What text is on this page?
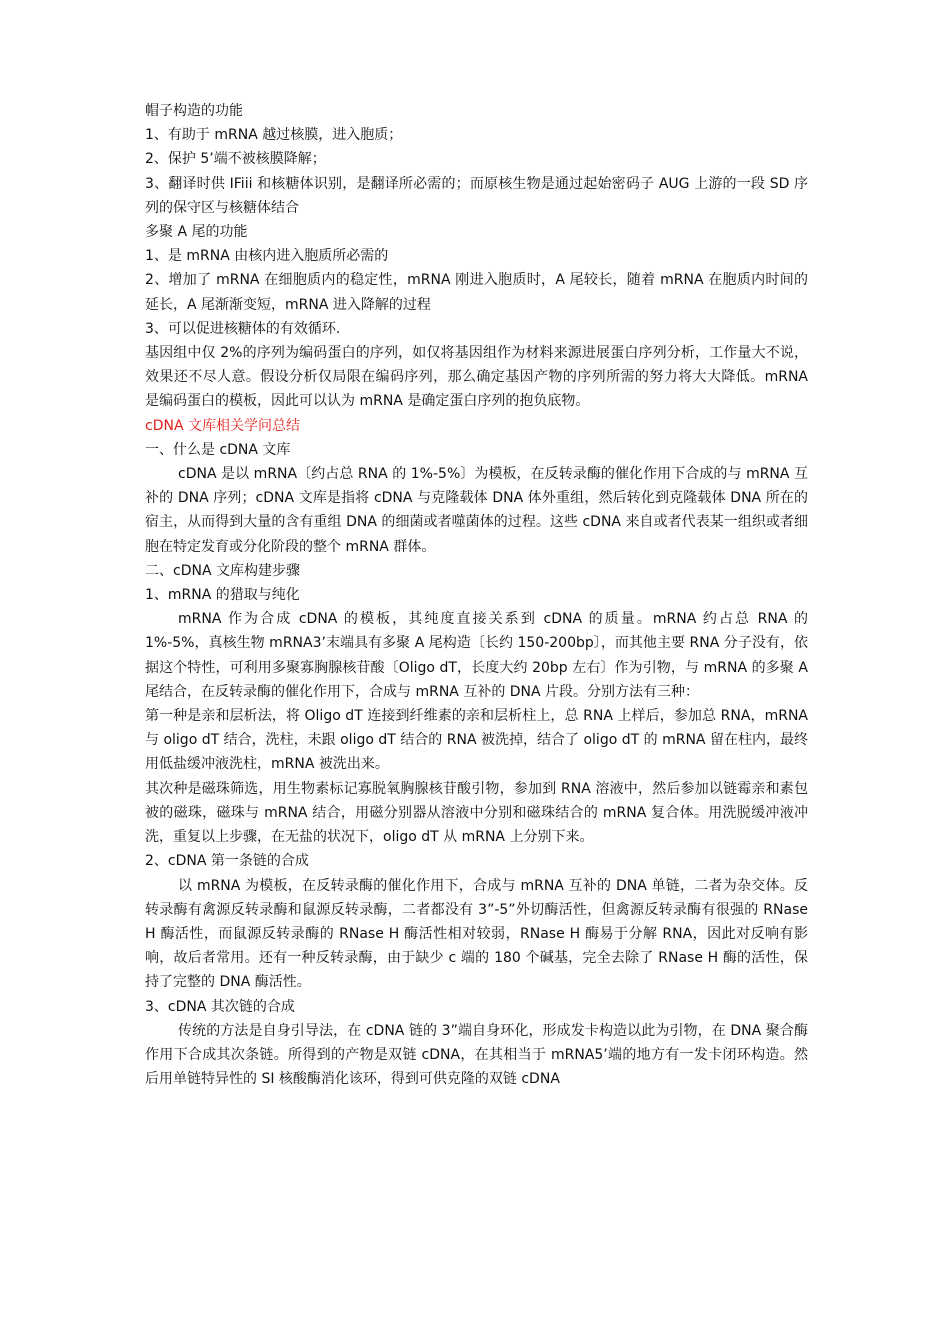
帽子构造的功能

1、有助于 mRNA 越过核膜，进入胞质；

2、保护 5’端不被核膜降解；

3、翻译时供 IFiii 和核糖体识别，是翻译所必需的；而原核生物是通过起始密码子 AUG 上游的一段 SD 序列的保守区与核糖体结合

多聚 A 尾的功能

1、是 mRNA 由核内进入胞质所必需的

2、增加了 mRNA 在细胞质内的稳定性，mRNA 刚进入胞质时，A 尾较长，随着 mRNA 在胞质内时间的延长，A 尾渐渐变短，mRNA 进入降解的过程

3、可以促进核糖体的有效循环.

基因组中仅 2%的序列为编码蛋白的序列，如仅将基因组作为材料来源进展蛋白序列分析，工作量大不说，效果还不尽人意。假设分析仅局限在编码序列，那么确定基因产物的序列所需的努力将大大降低。mRNA 是编码蛋白的模板，因此可以认为 mRNA 是确定蛋白序列的抱负底物。

cDNA 文库相关学问总结

一、什么是 cDNA 文库

cDNA 是以 mRNA〔约占总 RNA 的 1%-5%〕为模板，在反转录酶的催化作用下合成的与 mRNA 互补的 DNA 序列；cDNA 文库是指将 cDNA 与克隆载体 DNA 体外重组，然后转化到克隆载体 DNA 所在的宿主，从而得到大量的含有重组 DNA 的细菌或者噬菌体的过程。这些 cDNA 来自或者代表某一组织或者细胞在特定发育或分化阶段的整个 mRNA 群体。

二、cDNA 文库构建步骤

1、mRNA 的猎取与纯化

mRNA 作为合成 cDNA 的模板，其纯度直接关系到 cDNA 的质量。mRNA 约占总 RNA 的 1%-5%，真核生物 mRNA3’末端具有多聚 A 尾构造〔长约 150-200bp〕，而其他主要 RNA 分子没有，依据这个特性，可利用多聚寡胸腺核苷酸〔Oligo dT，长度大约 20bp 左右〕作为引物，与 mRNA 的多聚 A 尾结合，在反转录酶的催化作用下，合成与 mRNA 互补的 DNA 片段。分别方法有三种：

第一种是亲和层析法，将 Oligo dT 连接到纤维素的亲和层析柱上，总 RNA 上样后，参加总 RNA，mRNA 与 oligo dT 结合，洗柱，未跟 oligo dT 结合的 RNA 被洗掉，结合了 oligo dT 的 mRNA 留在柱内，最终用低盐缓冲液洗柱，mRNA 被洗出来。

其次种是磁珠筛选，用生物素标记寡脱氧胸腺核苷酸引物，参加到 RNA 溶液中，然后参加以链霉亲和素包被的磁珠，磁珠与 mRNA 结合，用磁分别器从溶液中分别和磁珠结合的 mRNA 复合体。用洗脱缓冲液冲洗，重复以上步骤，在无盐的状况下，oligo dT 从 mRNA 上分别下来。

2、cDNA 第一条链的合成

以 mRNA 为模板，在反转录酶的催化作用下，合成与 mRNA 互补的 DNA 单链，二者为杂交体。反转录酶有禽源反转录酶和鼠源反转录酶，二者都没有 3”-5”外切酶活性，但禽源反转录酶有很强的 RNase H 酶活性，而鼠源反转录酶的 RNase H 酶活性相对较弱，RNase H 酶易于分解 RNA，因此对反响有影响，故后者常用。还有一种反转录酶，由于缺少 c 端的 180 个碱基，完全去除了 RNase H 酶的活性，保持了完整的 DNA 酶活性。

3、cDNA 其次链的合成

传统的方法是自身引导法，在 cDNA 链的 3”端自身环化，形成发卡构造以此为引物，在 DNA 聚合酶作用下合成其次条链。所得到的产物是双链 cDNA，在其相当于 mRNA5’端的地方有一发卡闭环构造。然后用单链特异性的 SI 核酸酶消化该环，得到可供克隆的双链 cDNA
